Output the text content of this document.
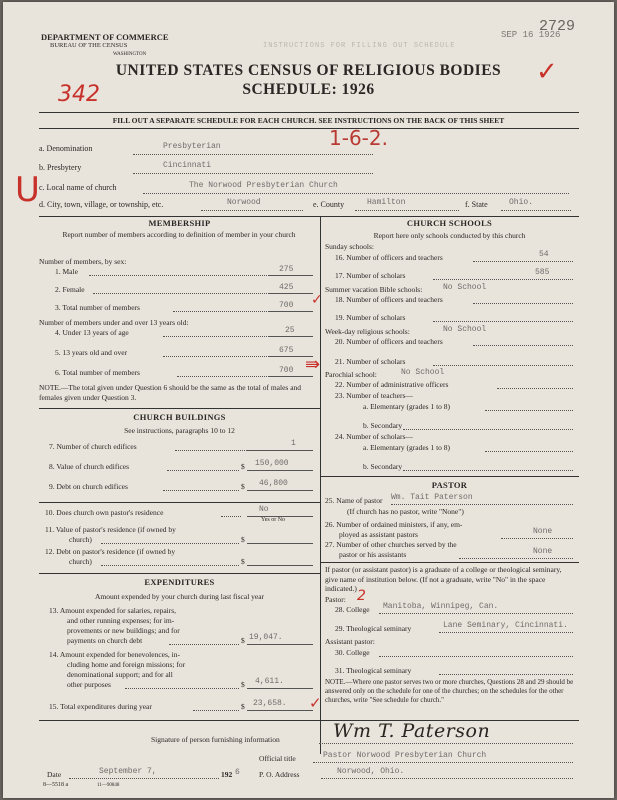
DEPARTMENT OF COMMERCE
BUREAU OF THE CENSUS
WASHINGTON
INSTRUCTIONS FOR FILLING OUT SCHEDULE
SEP 16 1926
2729
UNITED STATES CENSUS OF RELIGIOUS BODIES
SCHEDULE: 1926
342
✓
FILL OUT A SEPARATE SCHEDULE FOR EACH CHURCH. SEE INSTRUCTIONS ON THE BACK OF THIS SHEET
1-6-2.
a. Denomination	Presbyterian
b. Presbytery	Cincinnati
c. Local name of church	The Norwood Presbyterian Church
d. City, town, village, or township, etc.	Norwood	e. County	Hamilton	f. State	Ohio.
U
MEMBERSHIP
Report number of members according to definition of member in your church
Number of members, by sex:
1. Male	275
2. Female	425
3. Total number of members	700 ✓
Number of members under and over 13 years old:
4. Under 13 years of age	25
5. 13 years old and over	675
6. Total number of members	700 ⇛
NOTE.—The total given under Question 6 should be the same as the total of males and females given under Question 3.
CHURCH BUILDINGS
See instructions, paragraphs 10 to 12
7. Number of church edifices	1
8. Value of church edifices	$ 150,000
9. Debt on church edifices	$ 46,800
10. Does church own pastor's residence	No
Yes or No
11. Value of pastor's residence (if owned by
church)	$
12. Debt on pastor's residence (if owned by
church)	$
EXPENDITURES
Amount expended by your church during last fiscal year
13. Amount expended for salaries, repairs,
and other running expenses; for im-
provements or new buildings; and for
payments on church debt	$ 19,047.
14. Amount expended for benevolences, in-
cluding home and foreign missions; for
denominational support; and for all
other purposes	$ 4,611.
15. Total expenditures during year	$ 23,658. ✓
CHURCH SCHOOLS
Report here only schools conducted by this church
Sunday schools:
16. Number of officers and teachers	54
17. Number of scholars	585
Summer vacation Bible schools:	No School
18. Number of officers and teachers
19. Number of scholars
Week-day religious schools:	No School
20. Number of officers and teachers
21. Number of scholars
Parochial school:	No School
22. Number of administrative officers
23. Number of teachers—
a. Elementary (grades 1 to 8)
b. Secondary
24. Number of scholars—
a. Elementary (grades 1 to 8)
b. Secondary
PASTOR
25. Name of pastor Wm. Tait Paterson
(If church has no pastor, write "None")
26. Number of ordained ministers, if any, em-
ployed as assistant pastors	None
27. Number of other churches served by the
pastor or his assistants	None
If pastor (or assistant pastor) is a graduate of a college or theological seminary, give name of institution below. (If not a graduate, write "No" in the space indicated.)
Pastor: 2
28. College Manitoba, Winnipeg, Can.
29. Theological seminary	Lane Seminary, Cincinnati.
Assistant pastor:
30. College
31. Theological seminary
NOTE.—Where one pastor serves two or more churches, Questions 28 and 29 should be answered only on the schedule for one of the churches; on the schedules for the other churches, write "See schedule for church."
Signature of person furnishing information	Wm T. Paterson
Official title	Pastor Norwood Presbyterian Church
Date	September 7,	192 6	P. O. Address	Norwood, Ohio.
8—5518 a	11—90848
